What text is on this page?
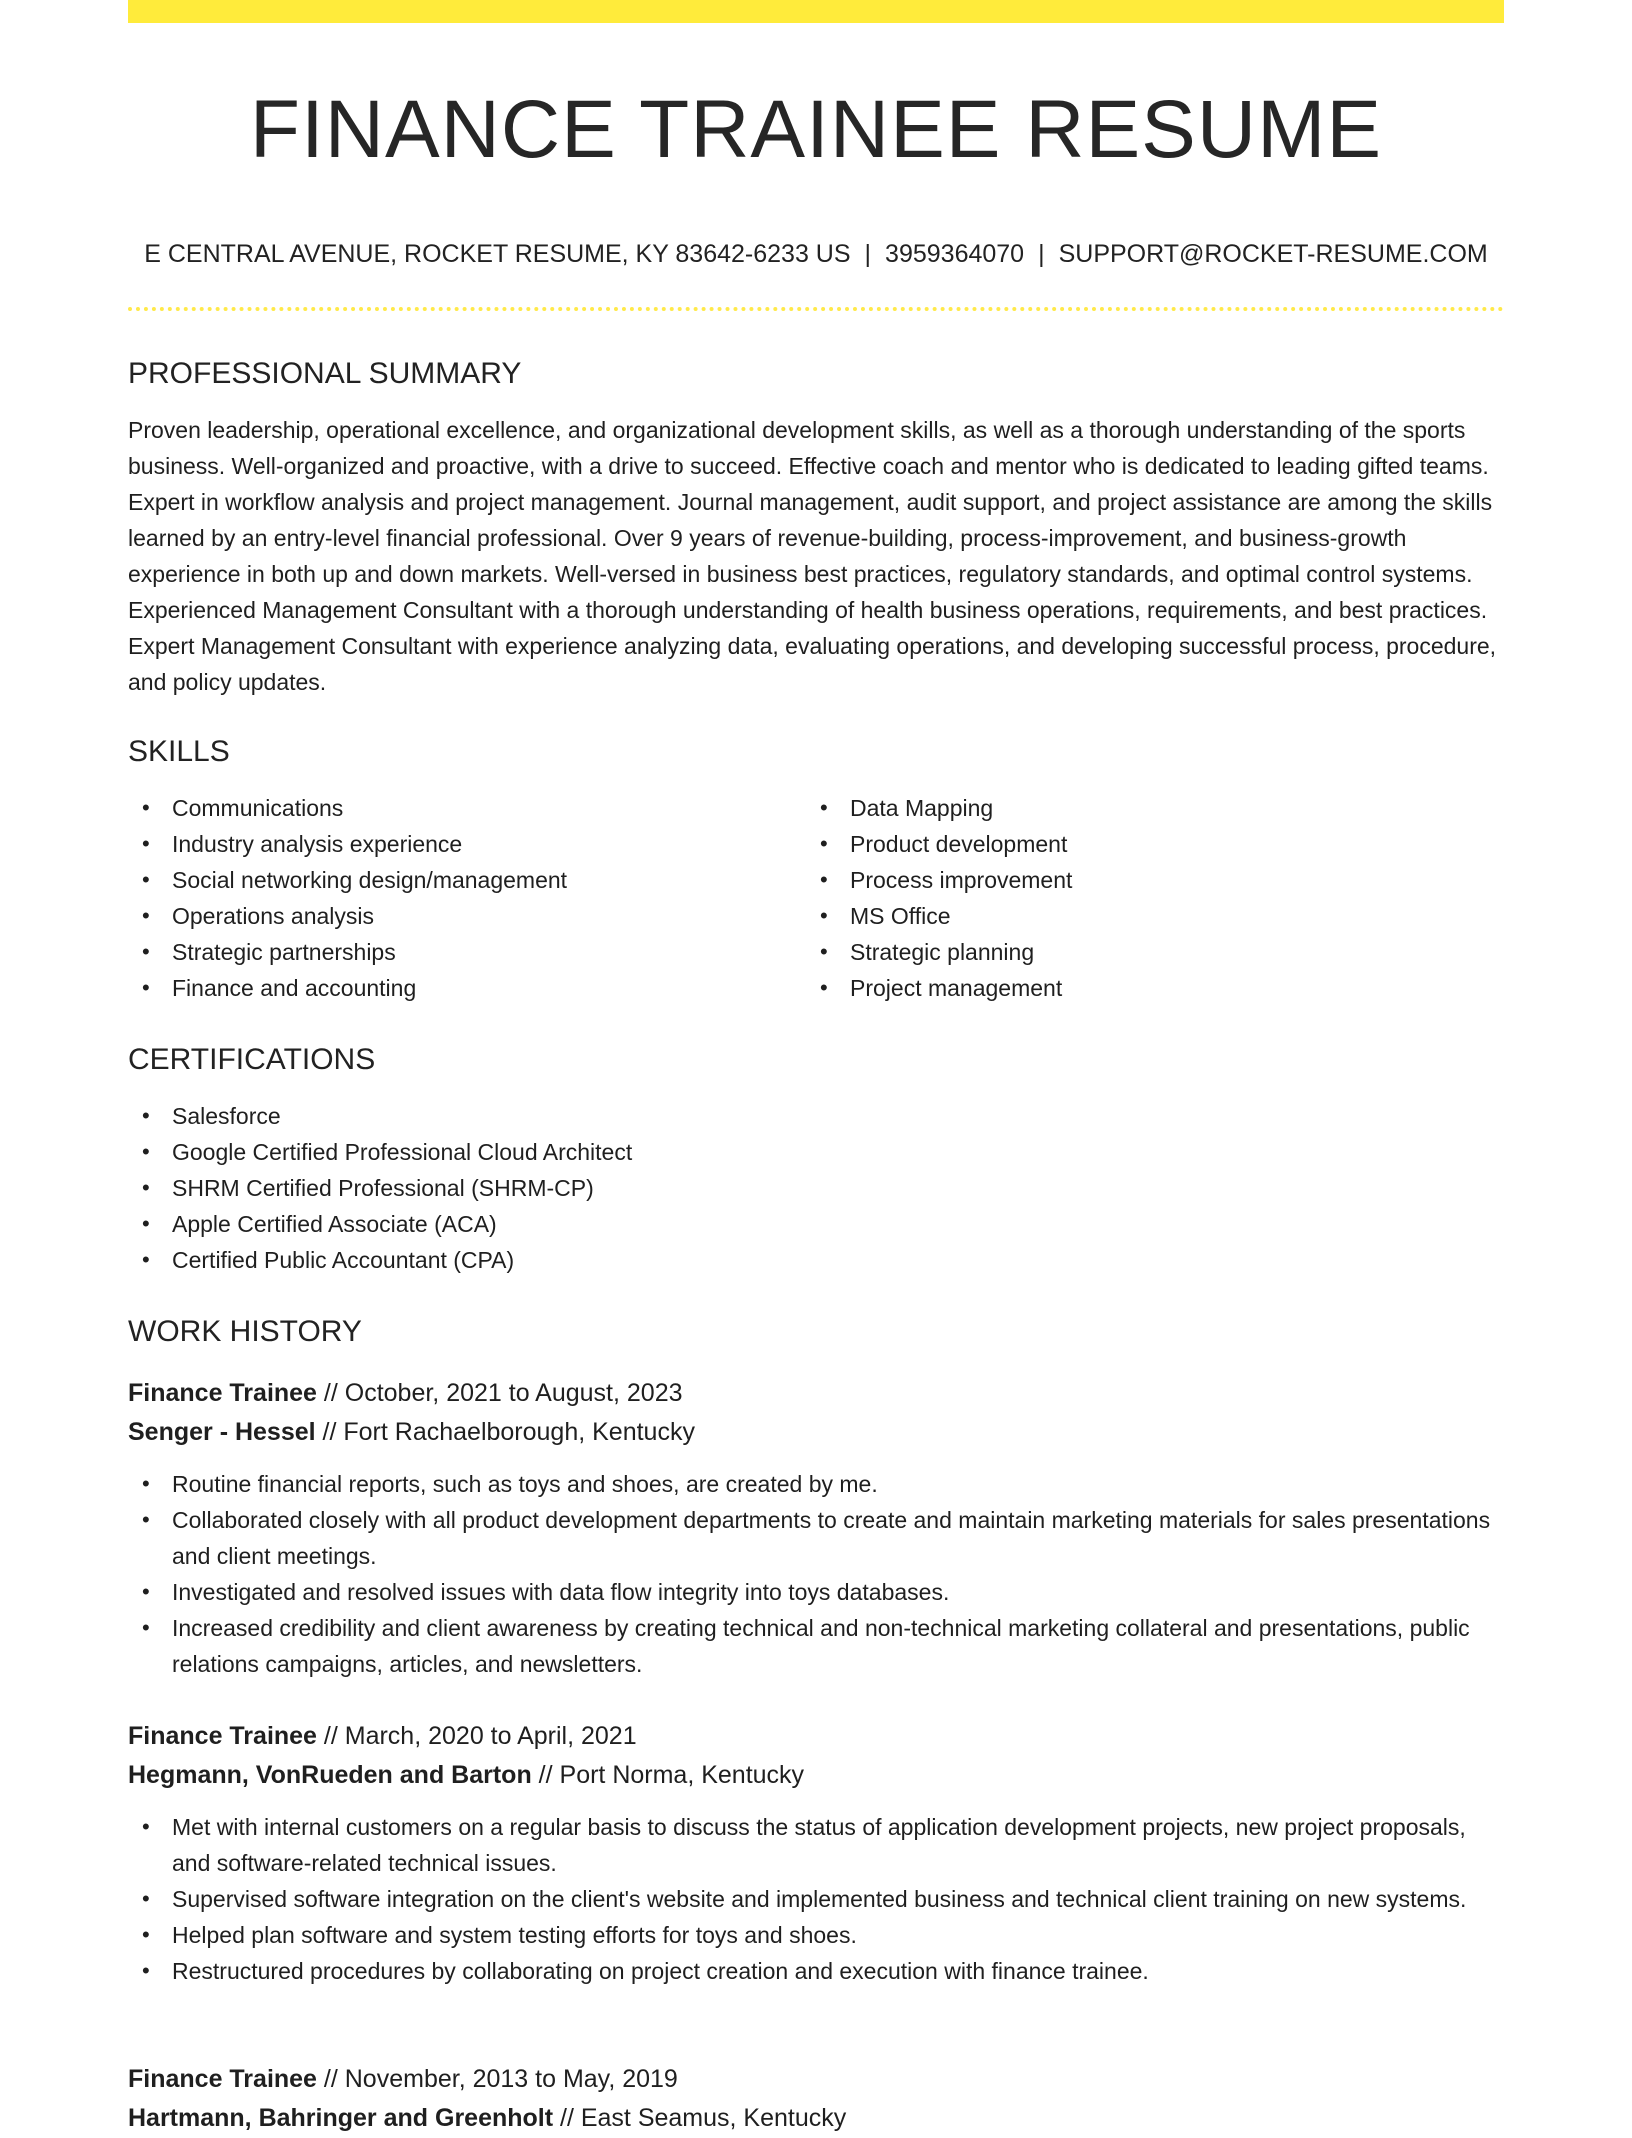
FINANCE TRAINEE RESUME
E CENTRAL AVENUE, ROCKET RESUME, KY 83642-6233 US | 3959364070 | SUPPORT@ROCKET-RESUME.COM
PROFESSIONAL SUMMARY

Proven leadership, operational excellence, and organizational development skills, as well as a thorough understanding of the sports business. Well-organized and proactive, with a drive to succeed. Effective coach and mentor who is dedicated to leading gifted teams. Expert in workflow analysis and project management. Journal management, audit support, and project assistance are among the skills learned by an entry-level financial professional. Over 9 years of revenue-building, process-improvement, and business-growth experience in both up and down markets. Well-versed in business best practices, regulatory standards, and optimal control systems. Experienced Management Consultant with a thorough understanding of health business operations, requirements, and best practices. Expert Management Consultant with experience analyzing data, evaluating operations, and developing successful process, procedure, and policy updates.

SKILLS
• Communications
• Industry analysis experience
• Social networking design/management
• Operations analysis
• Strategic partnerships
• Finance and accounting
• Data Mapping
• Product development
• Process improvement
• MS Office
• Strategic planning
• Project management
CERTIFICATIONS
• Salesforce
• Google Certified Professional Cloud Architect
• SHRM Certified Professional (SHRM-CP)
• Apple Certified Associate (ACA)
• Certified Public Accountant (CPA)
WORK HISTORY

Finance Trainee // October, 2021 to August, 2023

Senger - Hessel // Fort Rachaelborough, Kentucky

• Routine financial reports, such as toys and shoes, are created by me.
• Collaborated closely with all product development departments to create and maintain marketing materials for sales presentations and client meetings.
• Investigated and resolved issues with data flow integrity into toys databases.
• Increased credibility and client awareness by creating technical and non-technical marketing collateral and presentations, public relations campaigns, articles, and newsletters.

Finance Trainee // March, 2020 to April, 2021

Hegmann, VonRueden and Barton // Port Norma, Kentucky

• Met with internal customers on a regular basis to discuss the status of application development projects, new project proposals, and software-related technical issues.
• Supervised software integration on the client's website and implemented business and technical client training on new systems.
• Helped plan software and system testing efforts for toys and shoes.
• Restructured procedures by collaborating on project creation and execution with finance trainee.

Finance Trainee // November, 2013 to May, 2019

Hartmann, Bahringer and Greenholt // East Seamus, Kentucky
